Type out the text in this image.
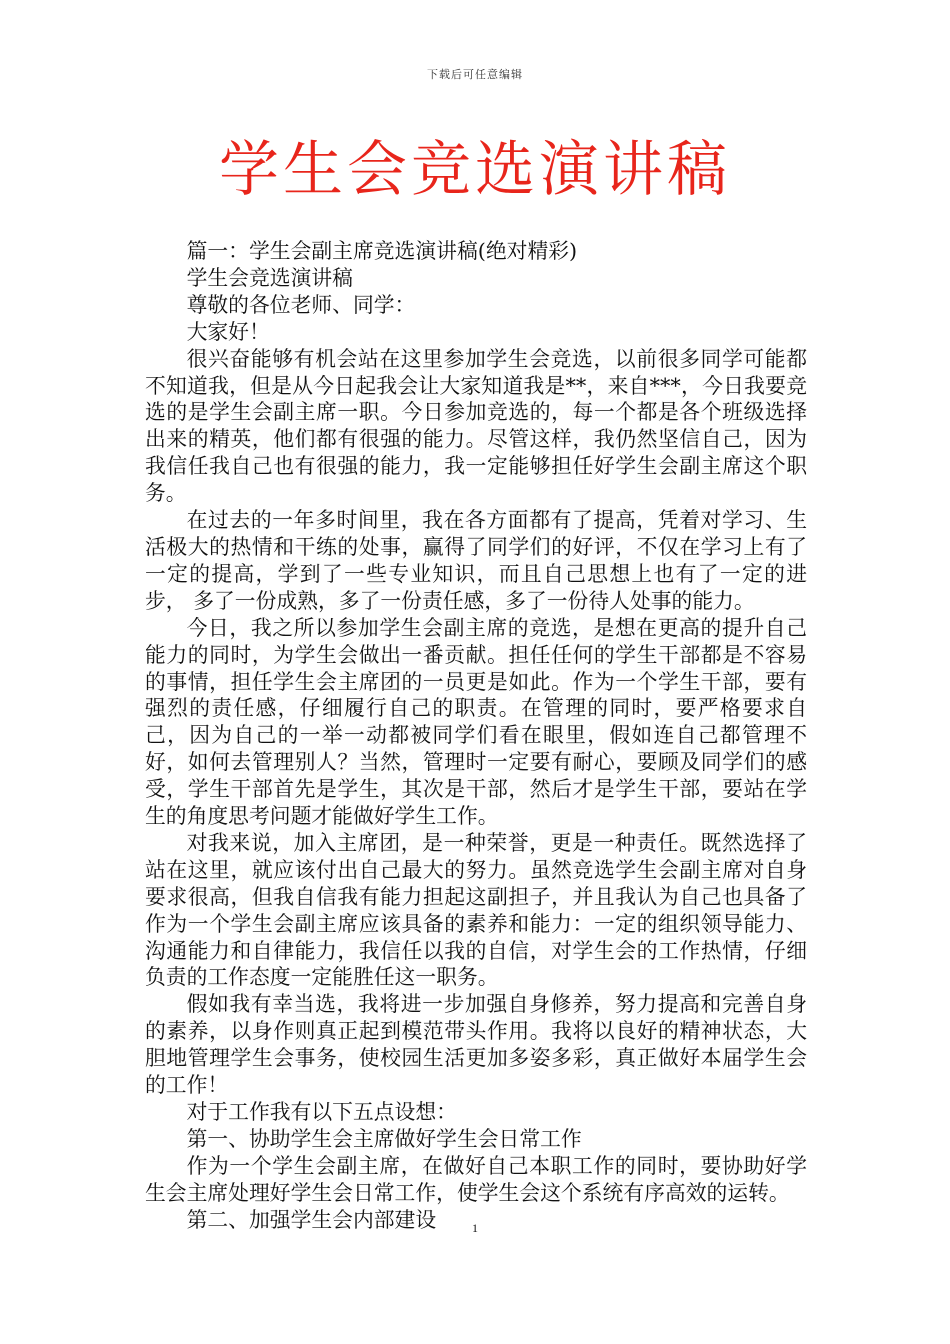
下载后可任意编辑
学生会竞选演讲稿

篇一：学生会副主席竞选演讲稿(绝对精彩)

学生会竞选演讲稿

尊敬的各位老师、同学：

大家好！

很兴奋能够有机会站在这里参加学生会竞选，以前很多同学可能都不知道我，但是从今日起我会让大家知道我是**，来自***，今日我要竞选的是学生会副主席一职。今日参加竞选的，每一个都是各个班级选择出来的精英，他们都有很强的能力。尽管这样，我仍然坚信自己，因为我信任我自己也有很强的能力，我一定能够担任好学生会副主席这个职务。

在过去的一年多时间里，我在各方面都有了提高，凭着对学习、生活极大的热情和干练的处事，赢得了同学们的好评，不仅在学习上有了一定的提高，学到了一些专业知识，而且自己思想上也有了一定的进步， 多了一份成熟，多了一份责任感，多了一份待人处事的能力。

今日，我之所以参加学生会副主席的竞选，是想在更高的提升自己能力的同时，为学生会做出一番贡献。担任任何的学生干部都是不容易的事情，担任学生会主席团的一员更是如此。作为一个学生干部，要有强烈的责任感，仔细履行自己的职责。在管理的同时，要严格要求自己，因为自己的一举一动都被同学们看在眼里，假如连自己都管理不好，如何去管理别人？当然，管理时一定要有耐心，要顾及同学们的感受，学生干部首先是学生，其次是干部，然后才是学生干部，要站在学生的角度思考问题才能做好学生工作。

对我来说，加入主席团，是一种荣誉，更是一种责任。既然选择了站在这里，就应该付出自己最大的努力。虽然竞选学生会副主席对自身要求很高，但我自信我有能力担起这副担子，并且我认为自己也具备了作为一个学生会副主席应该具备的素养和能力：一定的组织领导能力、沟通能力和自律能力，我信任以我的自信，对学生会的工作热情，仔细负责的工作态度一定能胜任这一职务。

假如我有幸当选，我将进一步加强自身修养，努力提高和完善自身的素养，以身作则真正起到模范带头作用。我将以良好的精神状态，大胆地管理学生会事务，使校园生活更加多姿多彩，真正做好本届学生会的工作！

对于工作我有以下五点设想：

第一、协助学生会主席做好学生会日常工作

作为一个学生会副主席，在做好自己本职工作的同时，要协助好学生会主席处理好学生会日常工作，使学生会这个系统有序高效的运转。

第二、加强学生会内部建设	1
